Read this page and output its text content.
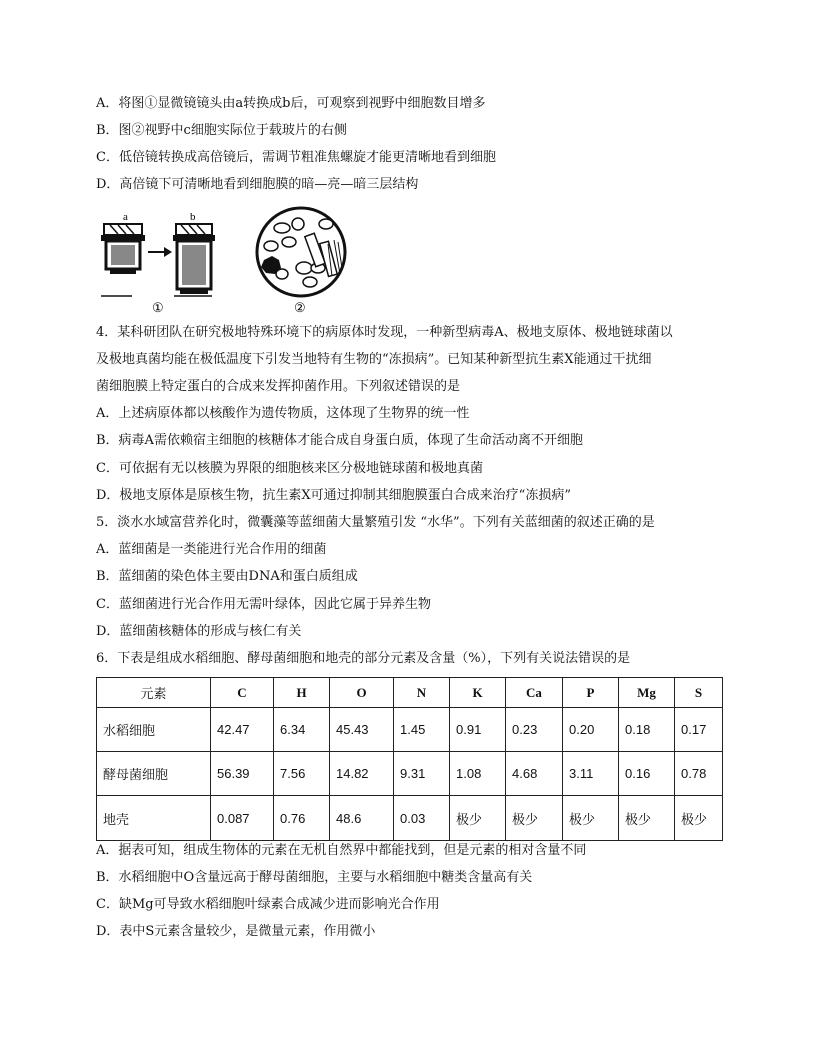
A．将图①显微镜镜头由a转换成b后，可观察到视野中细胞数目增多
B．图②视野中c细胞实际位于载玻片的右侧
C．低倍镜转换成高倍镜后，需调节粗准焦螺旋才能更清晰地看到细胞
D．高倍镜下可清晰地看到细胞膜的暗—亮—暗三层结构
a	b
①	②
4．某科研团队在研究极地特殊环境下的病原体时发现，一种新型病毒A、极地支原体、极地链球菌以
及极地真菌均能在极低温度下引发当地特有生物的“冻损病”。已知某种新型抗生素X能通过干扰细
菌细胞膜上特定蛋白的合成来发挥抑菌作用。下列叙述错误的是
A．上述病原体都以核酸作为遗传物质，这体现了生物界的统一性
B．病毒A需依赖宿主细胞的核糖体才能合成自身蛋白质，体现了生命活动离不开细胞
C．可依据有无以核膜为界限的细胞核来区分极地链球菌和极地真菌
D．极地支原体是原核生物，抗生素X可通过抑制其细胞膜蛋白合成来治疗“冻损病”
5．淡水水域富营养化时，微囊藻等蓝细菌大量繁殖引发 “水华”。下列有关蓝细菌的叙述正确的是
A．蓝细菌是一类能进行光合作用的细菌
B．蓝细菌的染色体主要由DNA和蛋白质组成
C．蓝细菌进行光合作用无需叶绿体，因此它属于异养生物
D．蓝细菌核糖体的形成与核仁有关
6．下表是组成水稻细胞、酵母菌细胞和地壳的部分元素及含量（%），下列有关说法错误的是
元素	C	H	O	N	K	Ca	P	Mg	S
水稻细胞	42.47	6.34	45.43	1.45	0.91	0.23	0.20	0.18	0.17
酵母菌细胞	56.39	7.56	14.82	9.31	1.08	4.68	3.11	0.16	0.78
地壳	0.087	0.76	48.6	0.03	极少	极少	极少	极少	极少
A．据表可知，组成生物体的元素在无机自然界中都能找到，但是元素的相对含量不同
B．水稻细胞中O含量远高于酵母菌细胞，主要与水稻细胞中糖类含量高有关
C．缺Mg可导致水稻细胞叶绿素合成减少进而影响光合作用
D．表中S元素含量较少，是微量元素，作用微小
